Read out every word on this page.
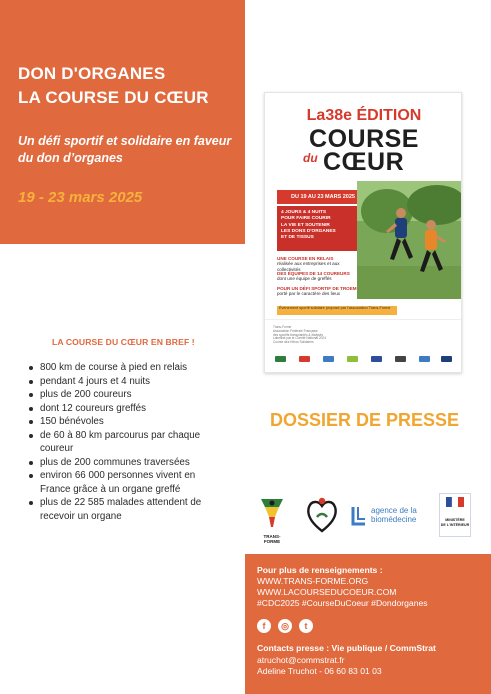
DON D'ORGANES
LA COURSE DU CŒUR
Un défi sportif et solidaire en faveur du don d’organes
19 - 23 mars 2025
La38e ÉDITION
COURSE
du CŒUR
DU 19 AU 23 MARS 2025
4 JOURS & 4 NUITS
POUR FAIRE COURIR
LA VIE ET SOUTENIR
LES DONS D'ORGANES
ET DE TISSUS
UNE COURSE EN RELAIS
réalisée aux entreprises et aux collectivités
DES ÉQUIPES DE 14 COUREURS
dont une équipe de greffés
POUR UN DÉFI SPORTIF DE TROEM
porté par le caractère des lieux
Événement sportif solidaire proposé par l'association Trans-Forme
Trans-Forme
Association Fédérale Française
des sportifs transplantés & dialysés
Labellisé par le Comité National 2024
Course des Héros Solidaires
LA COURSE DU CŒUR EN BREF !
800 km de course à pied en relais
pendant 4 jours et 4 nuits
plus de 200 coureurs
dont 12 coureurs greffés
150 bénévoles
de 60 à 80 km parcourus par chaque coureur
plus de 200 communes traversées
environ 66 000 personnes vivent en France grâce à un organe greffé
plus de 22 585 malades attendent de recevoir un organe
DOSSIER DE PRESSE
TRANS-FORME
agence de la
biomédecine	MINISTÈRE
DE L'INTÉRIEUR
Pour plus de renseignements :
WWW.TRANS-FORME.ORG
WWW.LACOURSEDUCOEUR.COM
#CDC2025 #CourseDuCoeur #Dondorganes
f	◎	t
Contacts presse : Vie publique / CommStrat
atruchot@commstrat.fr
Adeline Truchot - 06 60 83 01 03
